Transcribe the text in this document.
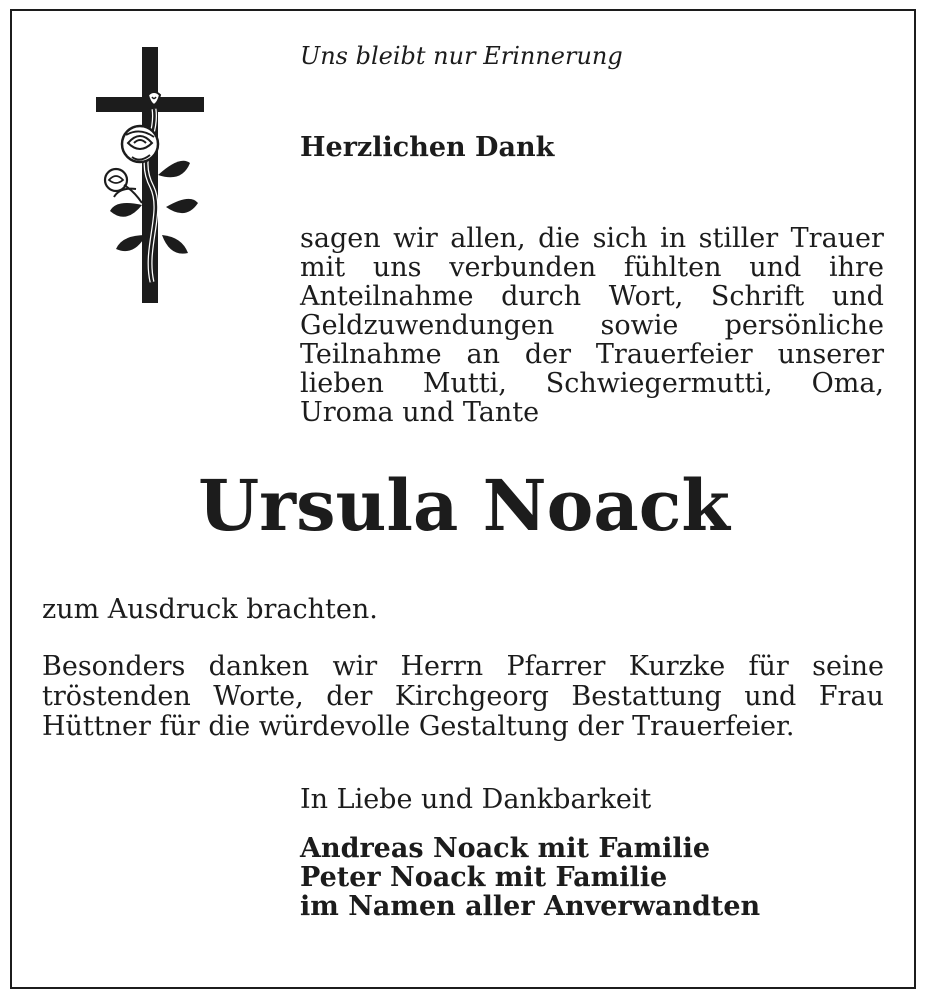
Uns bleibt nur Erinnerung
Herzlichen Dank
sagen wir allen, die sich in stiller Trauer
mit uns verbunden fühlten und ihre
Anteilnahme durch Wort, Schrift und
Geldzuwendungen sowie persönliche
Teilnahme an der Trauerfeier unserer
lieben Mutti, Schwiegermutti, Oma,
Uroma und Tante
Ursula Noack
zum Ausdruck brachten.
Besonders danken wir Herrn Pfarrer Kurzke für seine
tröstenden Worte, der Kirchgeorg Bestattung und Frau
Hüttner für die würdevolle Gestaltung der Trauerfeier.
In Liebe und Dankbarkeit
Andreas Noack mit Familie
Peter Noack mit Familie
im Namen aller Anverwandten
